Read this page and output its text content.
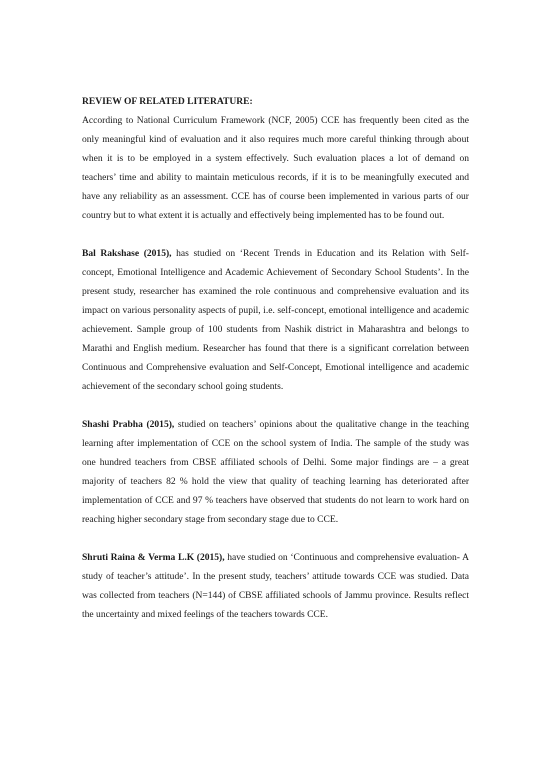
REVIEW OF RELATED LITERATURE:

According to National Curriculum Framework (NCF, 2005) CCE has frequently been cited as the only meaningful kind of evaluation and it also requires much more careful thinking through about when it is to be employed in a system effectively. Such evaluation places a lot of demand on teachers’ time and ability to maintain meticulous records, if it is to be meaningfully executed and have any reliability as an assessment. CCE has of course been implemented in various parts of our country but to what extent it is actually and effectively being implemented has to be found out.

Bal Rakshase (2015), has studied on ‘Recent Trends in Education and its Relation with Self-concept, Emotional Intelligence and Academic Achievement of Secondary School Students’. In the present study, researcher has examined the role continuous and comprehensive evaluation and its impact on various personality aspects of pupil, i.e. self-concept, emotional intelligence and academic achievement. Sample group of 100 students from Nashik district in Maharashtra and belongs to Marathi and English medium. Researcher has found that there is a significant correlation between Continuous and Comprehensive evaluation and Self-Concept, Emotional intelligence and academic achievement of the secondary school going students.

Shashi Prabha (2015), studied on teachers’ opinions about the qualitative change in the teaching learning after implementation of CCE on the school system of India. The sample of the study was one hundred teachers from CBSE affiliated schools of Delhi. Some major findings are – a great majority of teachers 82 % hold the view that quality of teaching learning has deteriorated after implementation of CCE and 97 % teachers have observed that students do not learn to work hard on reaching higher secondary stage from secondary stage due to CCE.

Shruti Raina & Verma L.K (2015), have studied on ‘Continuous and comprehensive evaluation- A study of teacher’s attitude’. In the present study, teachers’ attitude towards CCE was studied. Data was collected from teachers (N=144) of CBSE affiliated schools of Jammu province. Results reflect the uncertainty and mixed feelings of the teachers towards CCE.
